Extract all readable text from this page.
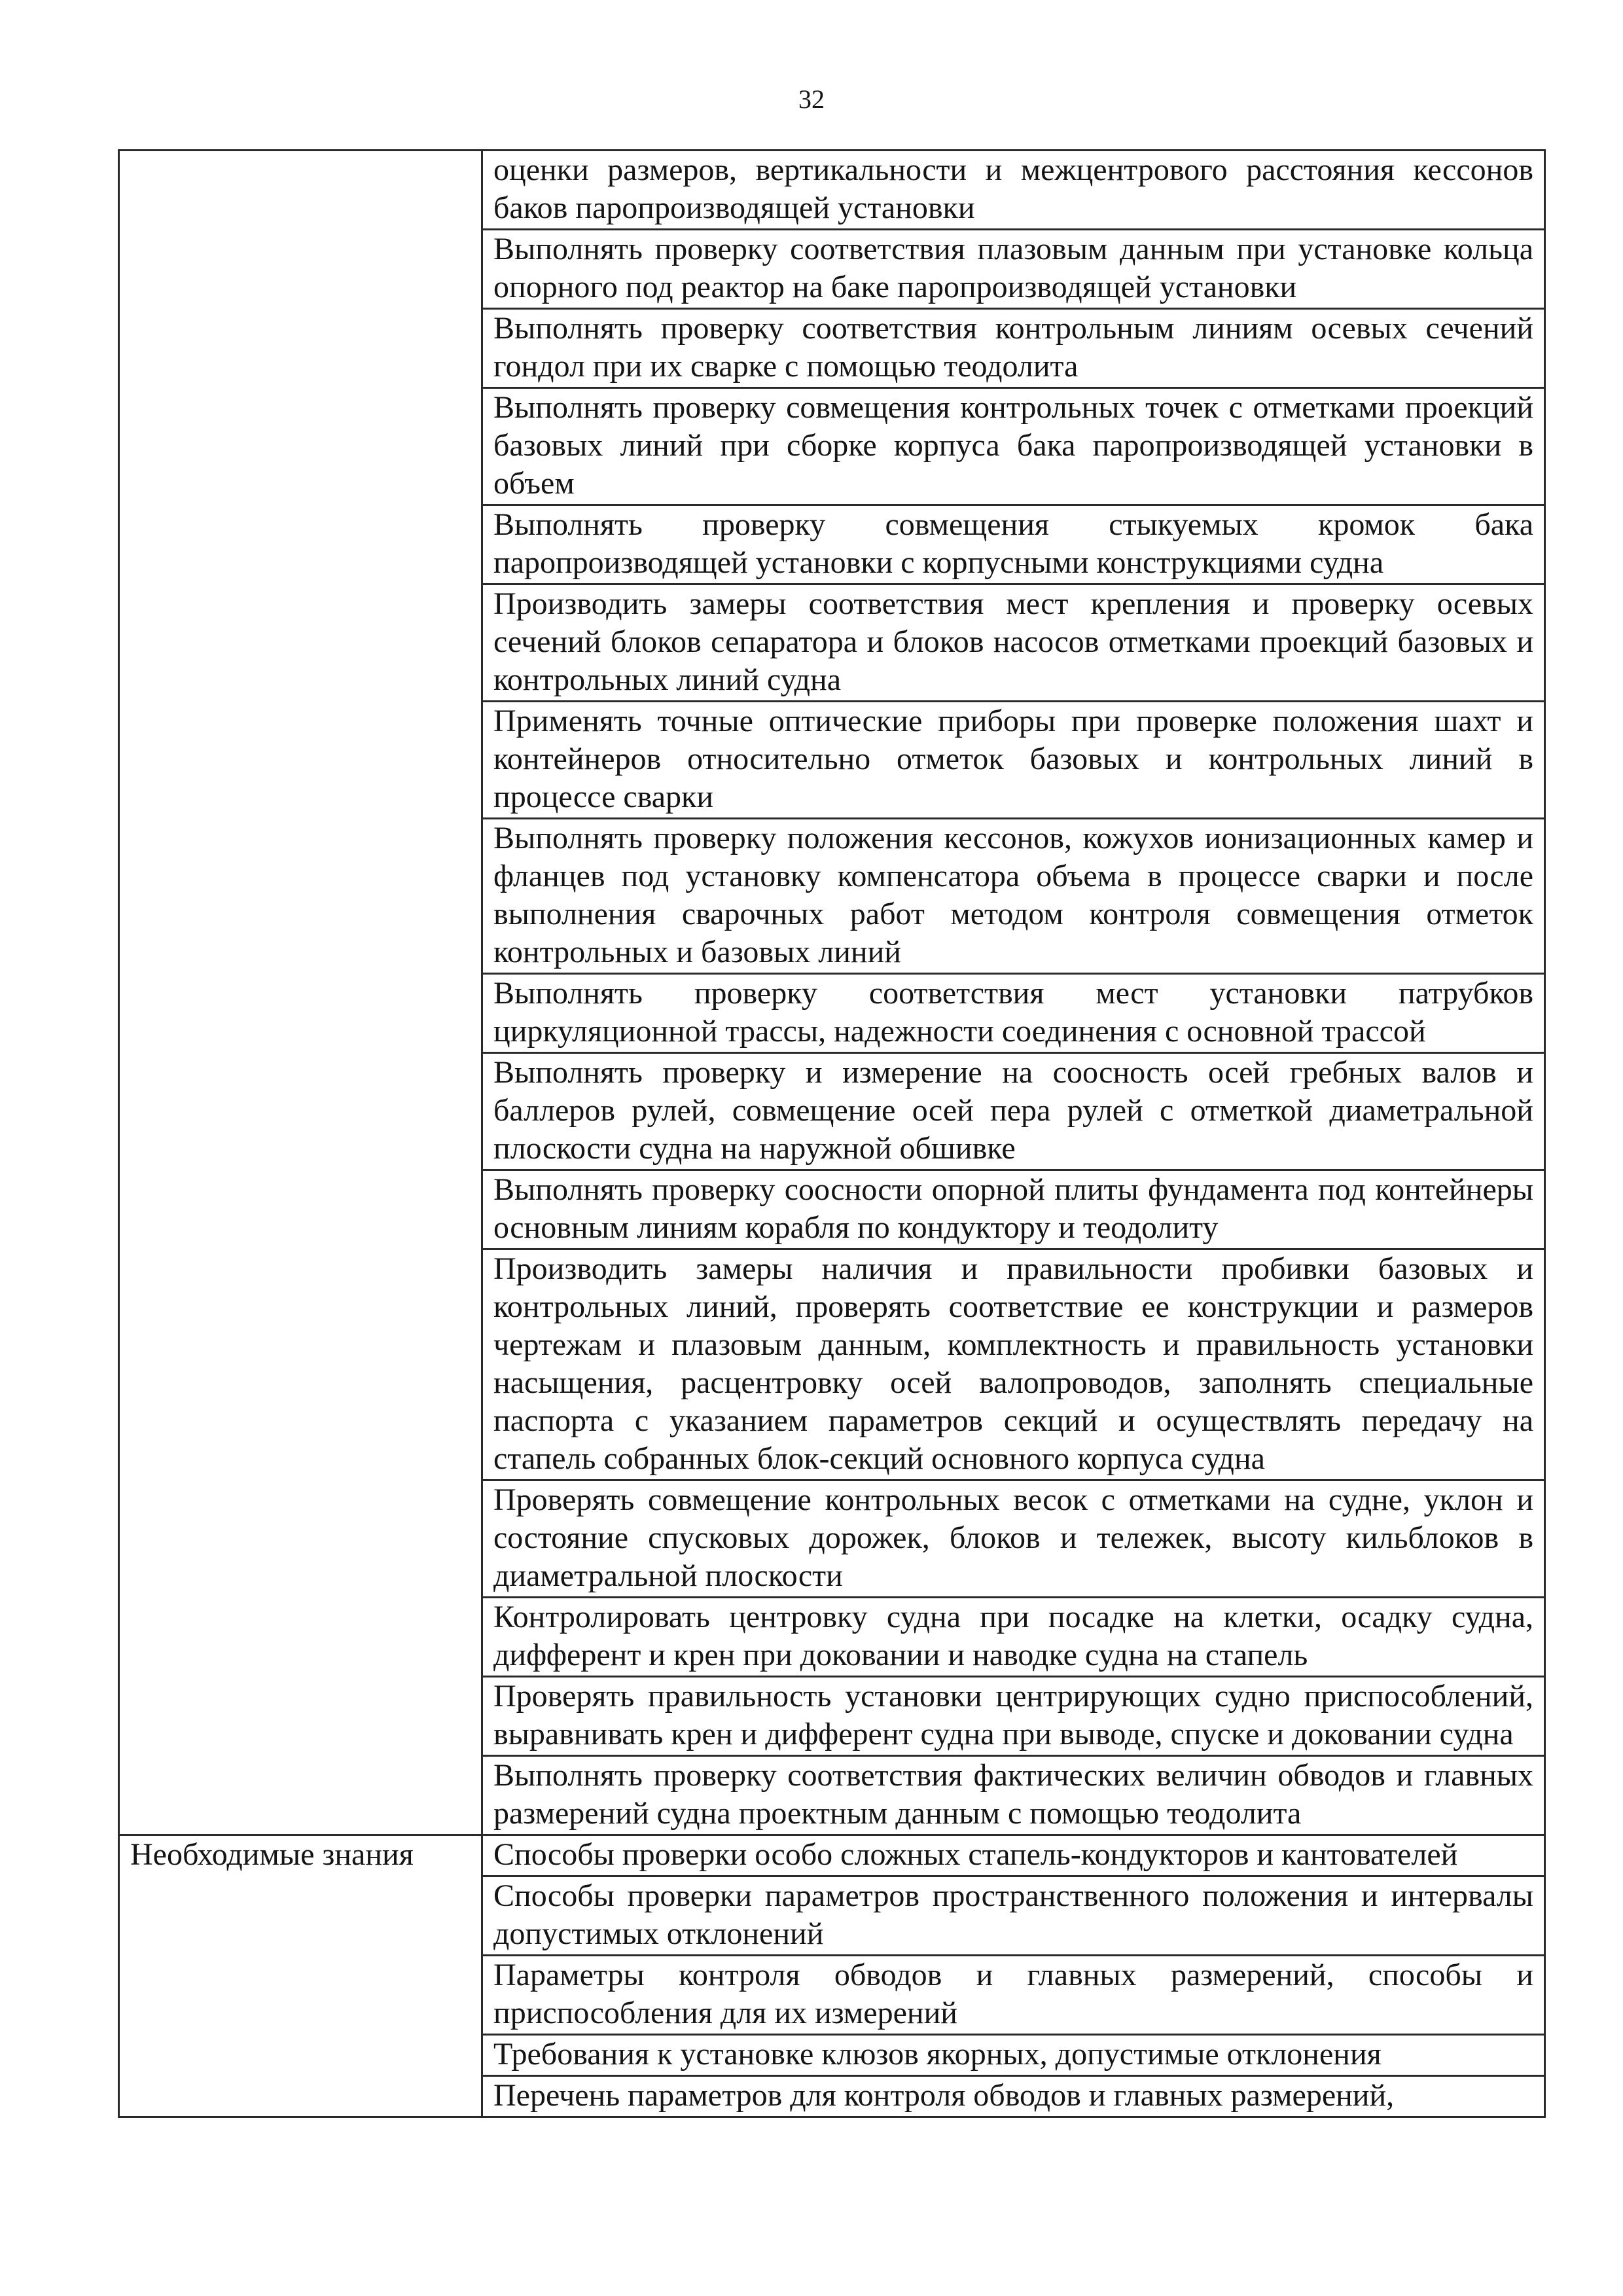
32
	оценки размеров, вертикальности и межцентрового расстояния кессонов баков паропроизводящей установки
	Выполнять проверку соответствия плазовым данным при установке кольца опорного под реактор на баке паропроизводящей установки
	Выполнять проверку соответствия контрольным линиям осевых сечений гондол при их сварке с помощью теодолита
	Выполнять проверку совмещения контрольных точек с отметками проекций базовых линий при сборке корпуса бака паропроизводящей установки в объем
	Выполнять проверку совмещения стыкуемых кромок бака паропроизводящей установки с корпусными конструкциями судна
	Производить замеры соответствия мест крепления и проверку осевых сечений блоков сепаратора и блоков насосов отметками проекций базовых и контрольных линий судна
	Применять точные оптические приборы при проверке положения шахт и контейнеров относительно отметок базовых и контрольных линий в процессе сварки
	Выполнять проверку положения кессонов, кожухов ионизационных камер и фланцев под установку компенсатора объема в процессе сварки и после выполнения сварочных работ методом контроля совмещения отметок контрольных и базовых линий
	Выполнять проверку соответствия мест установки патрубков циркуляционной трассы, надежности соединения с основной трассой
	Выполнять проверку и измерение на соосность осей гребных валов и баллеров рулей, совмещение осей пера рулей с отметкой диаметральной плоскости судна на наружной обшивке
	Выполнять проверку соосности опорной плиты фундамента под контейнеры основным линиям корабля по кондуктору и теодолиту
	Производить замеры наличия и правильности пробивки базовых и контрольных линий, проверять соответствие ее конструкции и размеров чертежам и плазовым данным, комплектность и правильность установки насыщения, расцентровку осей валопроводов, заполнять специальные паспорта с указанием параметров секций и осуществлять передачу на стапель собранных блок-секций основного корпуса судна
	Проверять совмещение контрольных весок с отметками на судне, уклон и состояние спусковых дорожек, блоков и тележек, высоту кильблоков в диаметральной плоскости
	Контролировать центровку судна при посадке на клетки, осадку судна, дифферент и крен при доковании и наводке судна на стапель
	Проверять правильность установки центрирующих судно приспособлений, выравнивать крен и дифферент судна при выводе, спуске и доковании судна
	Выполнять проверку соответствия фактических величин обводов и главных размерений судна проектным данным с помощью теодолита
Необходимые знания	Способы проверки особо сложных стапель-кондукторов и кантователей
	Способы проверки параметров пространственного положения и интервалы допустимых отклонений
	Параметры контроля обводов и главных размерений, способы и приспособления для их измерений
	Требования к установке клюзов якорных, допустимые отклонения
	Перечень параметров для контроля обводов и главных размерений,
